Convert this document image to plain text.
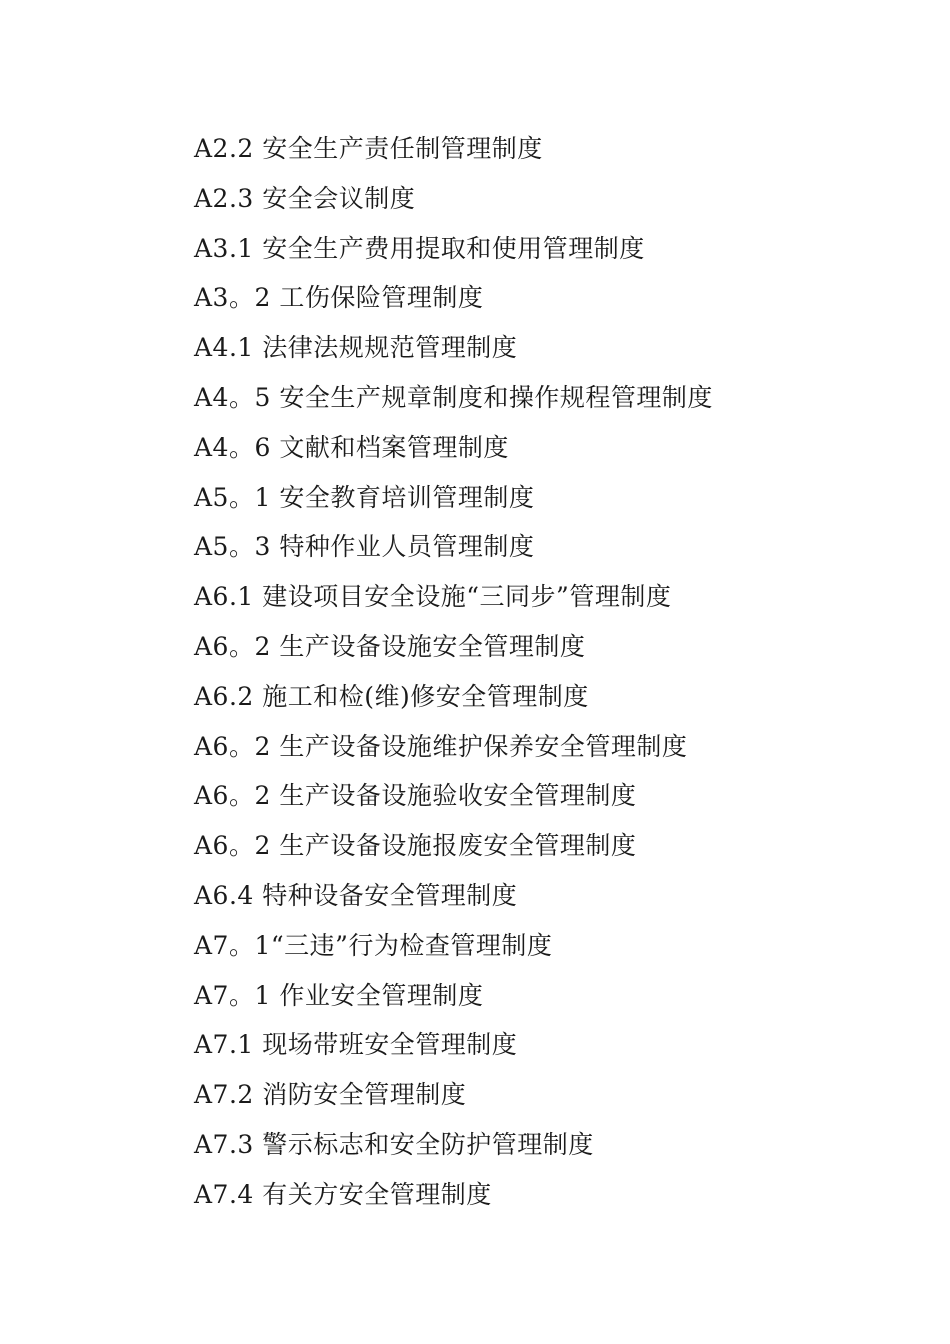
A2.2 安全生产责任制管理制度
A2.3 安全会议制度
A3.1 安全生产费用提取和使用管理制度
A3。2 工伤保险管理制度
A4.1 法律法规规范管理制度
A4。5 安全生产规章制度和操作规程管理制度
A4。6 文献和档案管理制度
A5。1 安全教育培训管理制度
A5。3 特种作业人员管理制度
A6.1 建设项目安全设施“三同步”管理制度
A6。2 生产设备设施安全管理制度
A6.2 施工和检(维)修安全管理制度
A6。2 生产设备设施维护保养安全管理制度
A6。2 生产设备设施验收安全管理制度
A6。2 生产设备设施报废安全管理制度
A6.4 特种设备安全管理制度
A7。1“三违”行为检查管理制度
A7。1 作业安全管理制度
A7.1 现场带班安全管理制度
A7.2 消防安全管理制度
A7.3 警示标志和安全防护管理制度
A7.4 有关方安全管理制度
